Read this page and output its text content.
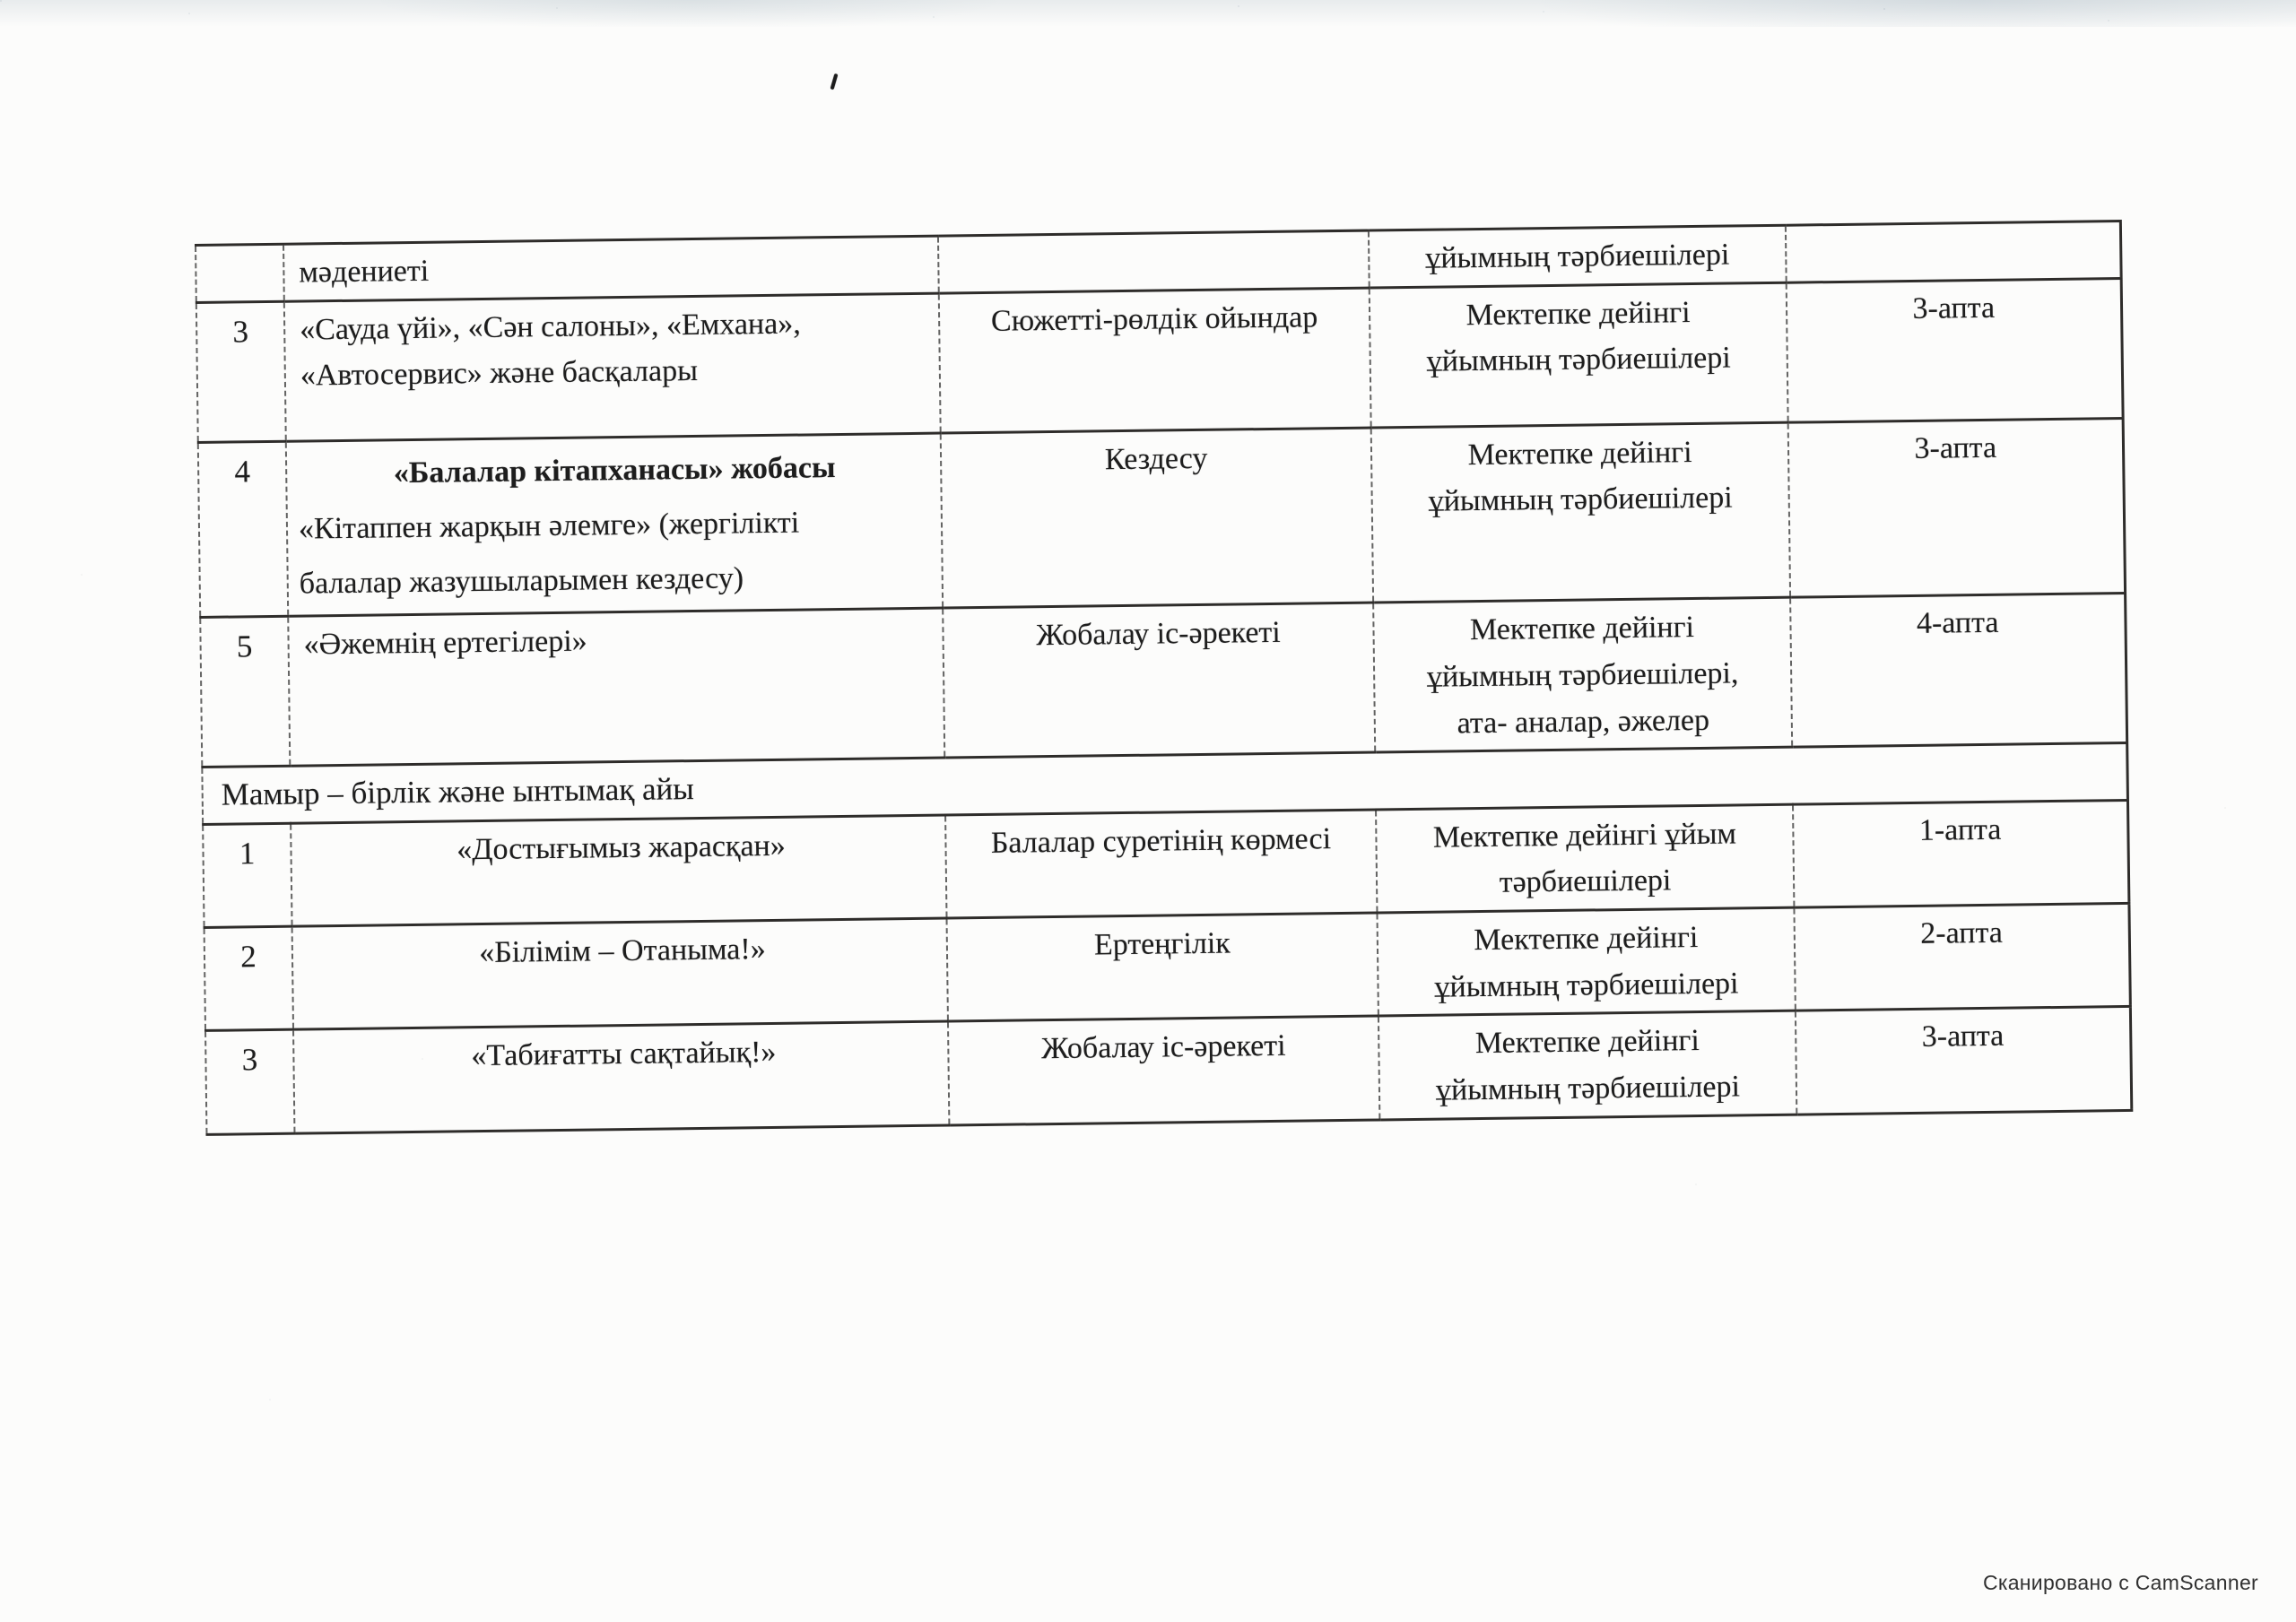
	мәдениеті		ұйымның тәрбиешілері	
3	«Сауда үйі», «Сән салоны», «Емхана»,
«Автосервис» және басқалары
	Сюжетті-рөлдік ойындар	Мектепке дейінгі
ұйымның тәрбиешілері
	3-апта
4	«Балалар кітапханасы» жобасы
«Кітаппен жарқын әлемге» (жергілікті
балалар жазушыларымен кездесу)
	Кездесу	Мектепке дейінгі
ұйымның тәрбиешілері
	3-апта
5	«Әжемнің ертегілері»	Жобалау іс-әрекеті	Мектепке дейінгі
ұйымның тәрбиешілері,
ата- аналар, әжелер	4-апта
Мамыр – бірлік және ынтымақ айы				
1	«Достығымыз жарасқан»	Балалар суретінің көрмесі	Мектепке дейінгі ұйым
тәрбиешілері	1-апта
2	«Білімім – Отаныма!»	Ертеңгілік	Мектепке дейінгі
ұйымның тәрбиешілері	2-апта
3	«Табиғатты сақтайық!»	Жобалау іс-әрекеті	Мектепке дейінгі
ұйымның тәрбиешілері	3-апта
Сканировано с CamScanner
